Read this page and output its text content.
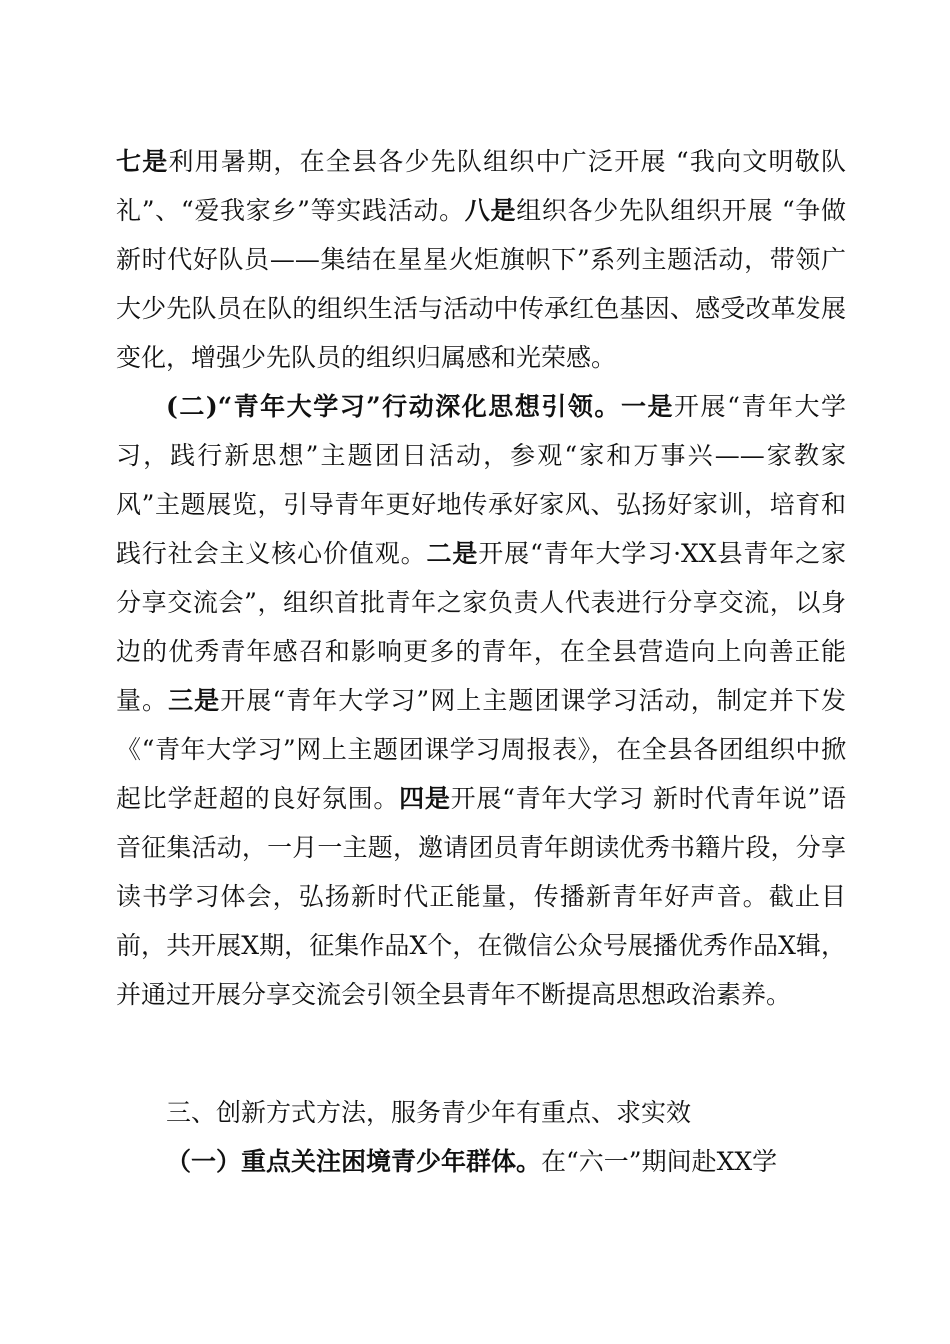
七是利用暑期，在全县各少先队组织中广泛开展 “我向文明敬队礼”、“爱我家乡”等实践活动。八是组织各少先队组织开展 “争做新时代好队员——集结在星星火炬旗帜下”系列主题活动，带领广大少先队员在队的组织生活与活动中传承红色基因、感受改革发展变化，增强少先队员的组织归属感和光荣感。

(二)“青年大学习”行动深化思想引领。一是开展“青年大学习，践行新思想”主题团日活动，参观“家和万事兴——家教家风”主题展览，引导青年更好地传承好家风、弘扬好家训，培育和践行社会主义核心价值观。二是开展“青年大学习·XX县青年之家分享交流会”，组织首批青年之家负责人代表进行分享交流，以身边的优秀青年感召和影响更多的青年，在全县营造向上向善正能量。三是开展“青年大学习”网上主题团课学习活动，制定并下发《“青年大学习”网上主题团课学习周报表》，在全县各团组织中掀起比学赶超的良好氛围。四是开展“青年大学习 新时代青年说”语音征集活动，一月一主题，邀请团员青年朗读优秀书籍片段，分享读书学习体会，弘扬新时代正能量，传播新青年好声音。截止目前，共开展X期，征集作品X个，在微信公众号展播优秀作品X辑，并通过开展分享交流会引领全县青年不断提高思想政治素养。

三、创新方式方法，服务青少年有重点、求实效

（一）重点关注困境青少年群体。在“六一”期间赴XX学
